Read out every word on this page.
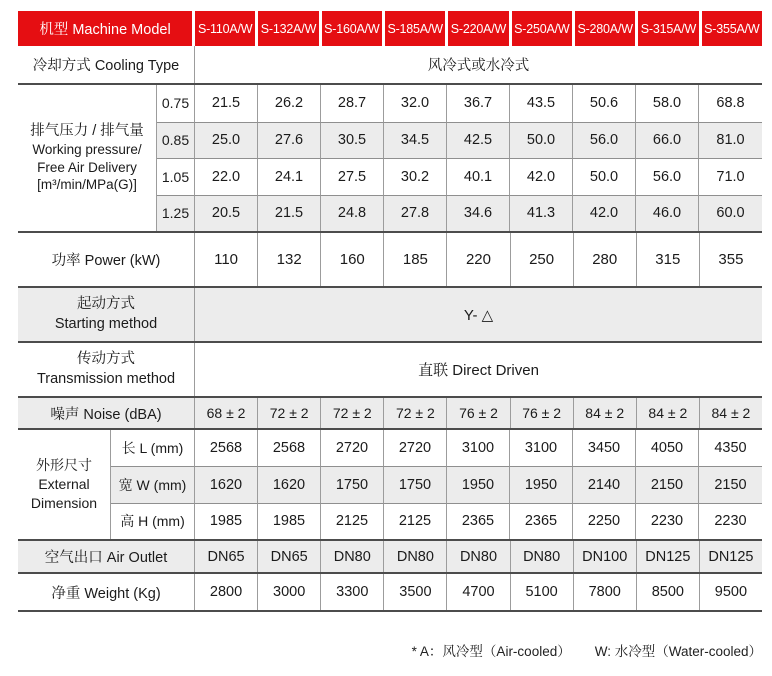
机型 Machine Model	S-110A/W S-132A/W S-160A/W S-185A/W S-220A/W S-250A/W S-280A/W S-315A/W S-355A/W
冷却方式 Cooling Type	风冷式或水冷式
排气压力 / 排气量
Working pressure/
Free Air Delivery
[m³/min/MPa(G)]
0.75	21.5	26.2	28.7	32.0	36.7	43.5	50.6	58.0	68.8
0.85	25.0	27.6	30.5	34.5	42.5	50.0	56.0	66.0	81.0
1.05	22.0	24.1	27.5	30.2	40.1	42.0	50.0	56.0	71.0
1.25	20.5	21.5	24.8	27.8	34.6	41.3	42.0	46.0	60.0
功率 Power (kW)	110	132	160	185	220	250	280	315	355
起动方式
Starting method	Y- △
传动方式
Transmission method	直联 Direct Driven
噪声 Noise (dBA)	68 ± 2	72 ± 2	72 ± 2	72 ± 2	76 ± 2	76 ± 2	84 ± 2	84 ± 2	84 ± 2
外形尺寸
External
Dimension
长 L (mm)	2568	2568	2720	2720	3100	3100	3450	4050	4350
宽 W (mm)	1620	1620	1750	1750	1950	1950	2140	2150	2150
高 H (mm)	1985	1985	2125	2125	2365	2365	2250	2230	2230
空气出口 Air Outlet	DN65	DN65	DN80	DN80	DN80	DN80	DN100	DN125	DN125
净重 Weight (Kg)	2800	3000	3300	3500	4700	5100	7800	8500	9500
* A：风冷型（Air-cooled） W: 水冷型（Water-cooled）
